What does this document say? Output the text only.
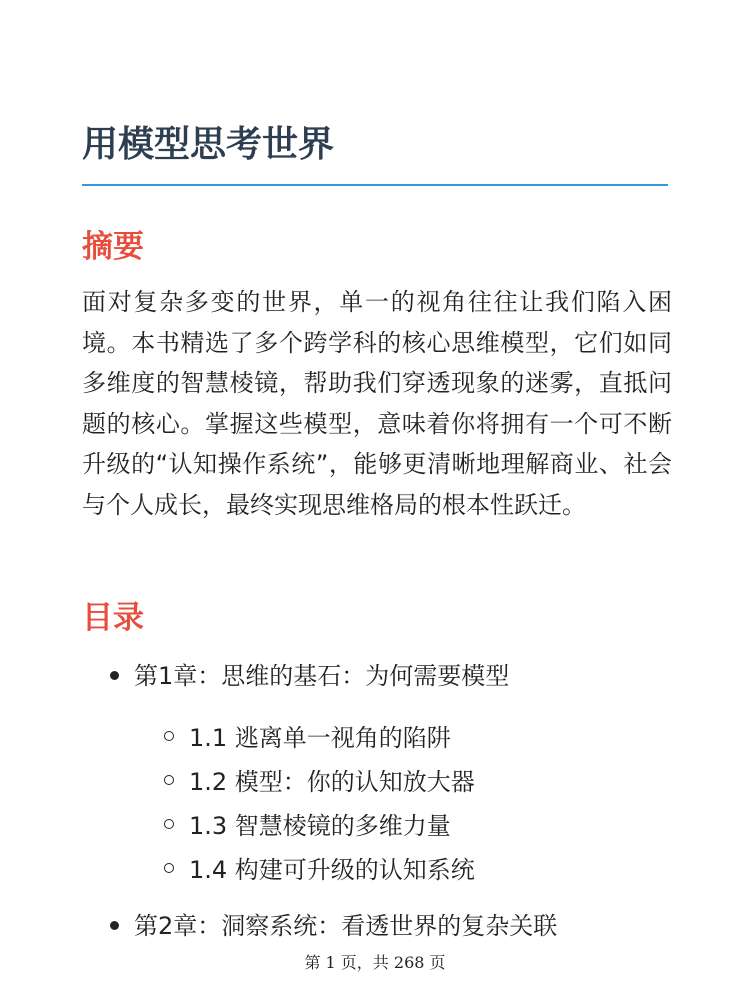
用模型思考世界
摘要

面对复杂多变的世界，单一的视角往往让我们陷入困境。本书精选了多个跨学科的核心思维模型，它们如同多维度的智慧棱镜，帮助我们穿透现象的迷雾，直抵问题的核心。掌握这些模型，意味着你将拥有一个可不断升级的“认知操作系统”，能够更清晰地理解商业、社会与个人成长，最终实现思维格局的根本性跃迁。

目录
第1章：思维的基石：为何需要模型
1.1 逃离单一视角的陷阱
1.2 模型：你的认知放大器
1.3 智慧棱镜的多维力量
1.4 构建可升级的认知系统
第2章：洞察系统：看透世界的复杂关联
第 1 页，共 268 页
